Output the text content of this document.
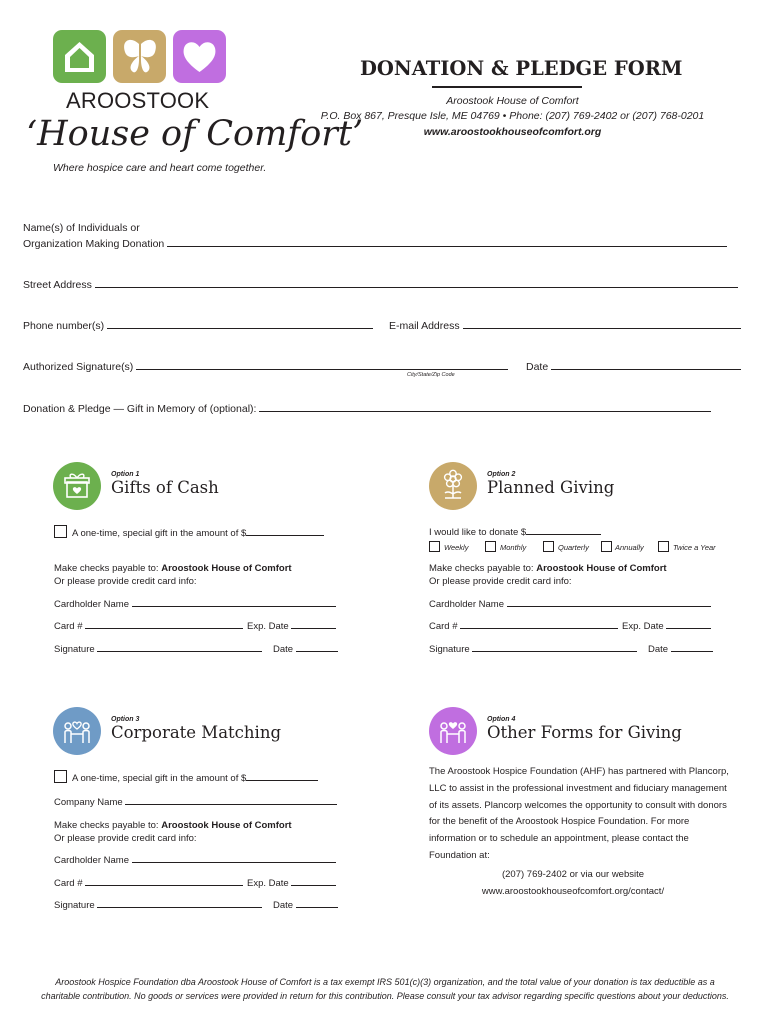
AROOSTOOK
‘House of Comfort’
Where hospice care and heart come together.
DONATION & PLEDGE FORM
Aroostook House of Comfort
P.O. Box 867, Presque Isle, ME 04769 • Phone: (207) 769-2402 or (207) 768-0201
www.aroostookhouseofcomfort.org
Name(s) of Individuals or
Organization Making Donation
Street Address
Phone number(s)	E-mail Address
Authorized Signature(s)	Date
City/State/Zip Code
Donation & Pledge — Gift in Memory of (optional):
Option 1
Gifts of Cash
A one-time, special gift in the amount of $
Make checks payable to: Aroostook House of Comfort
Or please provide credit card info:
Cardholder Name
Card #	Exp. Date
Signature	Date
Option 2
Planned Giving
I would like to donate $
Weekly	Monthly	Quarterly	Annually	Twice a Year
Make checks payable to: Aroostook House of Comfort
Or please provide credit card info:
Cardholder Name
Card #	Exp. Date
Signature	Date
Option 3
Corporate Matching
A one-time, special gift in the amount of $
Company Name
Make checks payable to: Aroostook House of Comfort
Or please provide credit card info:
Cardholder Name
Card #	Exp. Date
Signature	Date
Option 4
Other Forms for Giving
The Aroostook Hospice Foundation (AHF) has partnered with Plancorp, LLC to assist in the professional investment and fiduciary management of its assets. Plancorp welcomes the opportunity to consult with donors for the benefit of the Aroostook Hospice Foundation. For more information or to schedule an appointment, please contact the Foundation at:
(207) 769-2402 or via our website
www.aroostookhouseofcomfort.org/contact/
Aroostook Hospice Foundation dba Aroostook House of Comfort is a tax exempt IRS 501(c)(3) organization, and the total value of your donation is tax deductible as a
charitable contribution. No goods or services were provided in return for this contribution. Please consult your tax advisor regarding specific questions about your deductions.
